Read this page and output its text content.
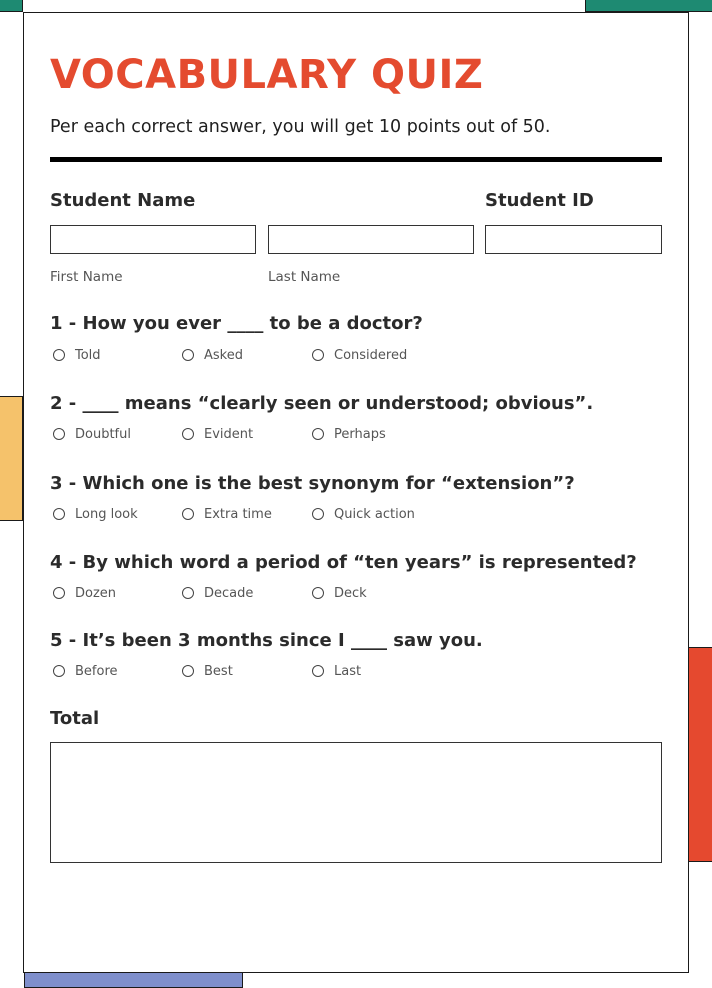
VOCABULARY QUIZ

Per each correct answer, you will get 10 points out of 50.

Student Name	Student ID

First Name	Last Name

1 - How you ever ____ to be a doctor?
Told	Asked	Considered
2 - ____ means “clearly seen or understood; obvious”.
Doubtful	Evident	Perhaps
3 - Which one is the best synonym for “extension”?
Long look	Extra time	Quick action
4 - By which word a period of “ten years” is represented?
Dozen	Decade	Deck
5 - It’s been 3 months since I ____ saw you.
Before	Best	Last
Total
